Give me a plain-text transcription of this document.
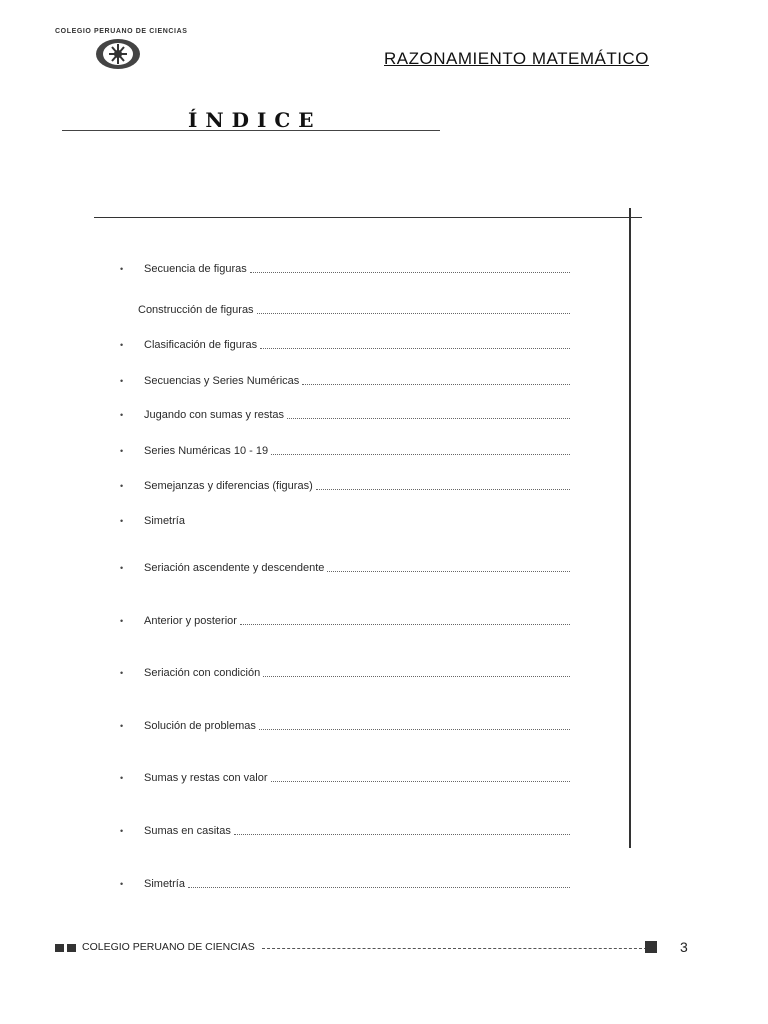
COLEGIO PERUANO DE CIENCIAS
RAZONAMIENTO MATEMÁTICO
ÍNDICE
•	Secuencia de figuras
Construcción de figuras
•	Clasificación de figuras
•	Secuencias y Series Numéricas
•	Jugando con sumas y restas
•	Series Numéricas 10 - 19
•	Semejanzas y diferencias (figuras)
•	Simetría
•	Seriación ascendente y descendente
•	Anterior y posterior
•	Seriación con condición
•	Solución de problemas
•	Sumas y restas con valor
•	Sumas en casitas
•	Simetría
COLEGIO PERUANO DE CIENCIAS	3
